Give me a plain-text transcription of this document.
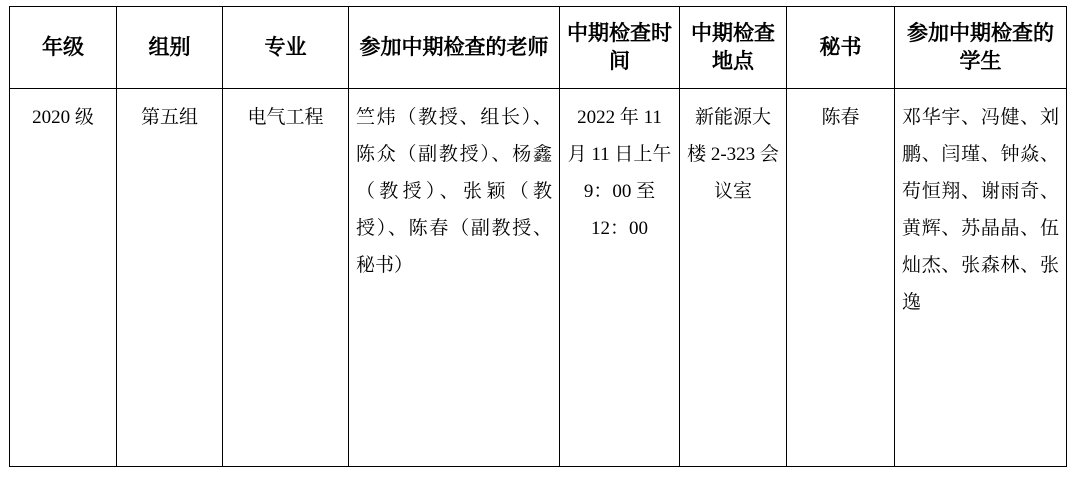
年级	组别	专业	参加中期检查的老师	中期检查时间	中期检查地点	秘书	参加中期检查的学生
2020 级	第五组	电气工程	竺炜（教授、组长）、陈众（副教授）、杨鑫（教授）、张颖（教授）、陈春（副教授、秘书）	2022 年 11 月 11 日上午 9：00 至 12：00	新能源大楼 2-323 会议室	陈春	邓华宇、冯健、刘鹏、闫瑾、钟焱、苟恒翔、谢雨奇、黄辉、苏晶晶、伍灿杰、张森林、张逸
